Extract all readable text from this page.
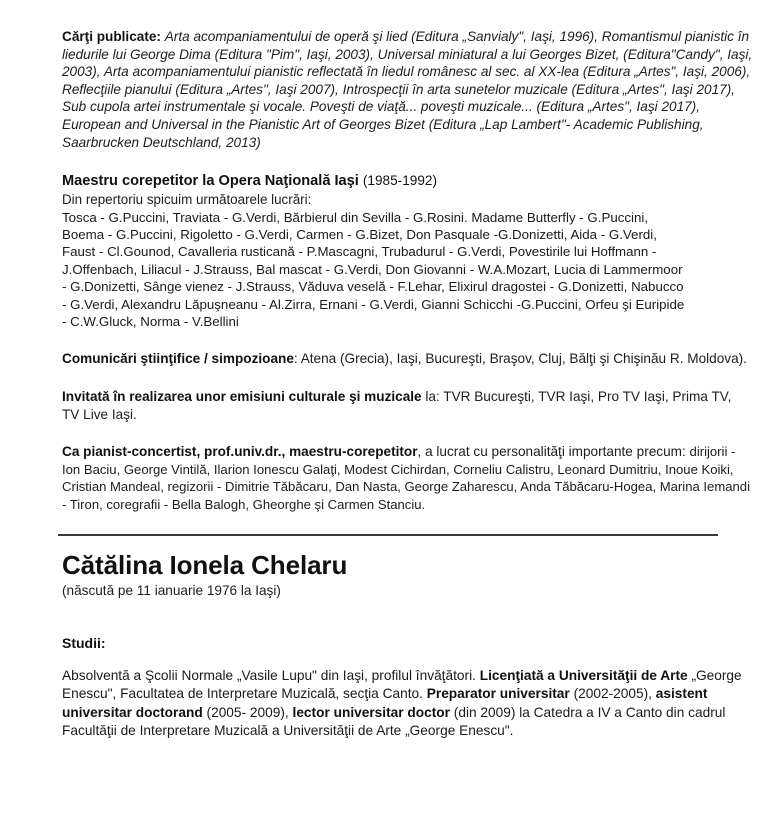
Cărţi publicate: Arta acompaniamentului de operă şi lied (Editura „Sanvialy", Iaşi, 1996), Romantismul pianistic în liedurile lui George Dima (Editura "Pim", Iaşi, 2003), Universal miniatural a lui Georges Bizet, (Editura"Candy", Iaşi, 2003), Arta acompaniamentului pianistic reflectată în liedul românesc al sec. al XX-lea (Editura „Artes", Iaşi, 2006), Reflecţiile pianului (Editura „Artes", Iaşi 2007), Introspecţii în arta sunetelor muzicale (Editura „Artes", Iaşi 2017), Sub cupola artei instrumentale şi vocale. Poveşti de viaţă... poveşti muzicale... (Editura „Artes", Iaşi 2017), European and Universal in the Pianistic Art of Georges Bizet (Editura „Lap Lambert"- Academic Publishing, Saarbrucken Deutschland, 2013)

Maestru corepetitor la Opera Naţională Iaşi (1985-1992)

Din repertoriu spicuim următoarele lucrări:

Tosca - G.Puccini, Traviata - G.Verdi, Bărbierul din Sevilla - G.Rosini. Madame Butterfly - G.Puccini,
Boema - G.Puccini, Rigoletto - G.Verdi, Carmen - G.Bizet, Don Pasquale -G.Donizetti, Aida - G.Verdi,
Faust - Cl.Gounod, Cavalleria rusticană - P.Mascagni, Trubadurul - G.Verdi, Povestirile lui Hoffmann -
J.Offenbach, Liliacul - J.Strauss, Bal mascat - G.Verdi, Don Giovanni - W.A.Mozart, Lucia di Lammermoor
- G.Donizetti, Sânge vienez - J.Strauss, Văduva veselă - F.Lehar, Elixirul dragostei - G.Donizetti, Nabucco
- G.Verdi, Alexandru Lăpuşneanu - Al.Zirra, Ernani - G.Verdi, Gianni Schicchi -G.Puccini, Orfeu şi Euripide
- C.W.Gluck, Norma - V.Bellini

Comunicări ştiinţifice / simpozioane: Atena (Grecia), Iaşi, Bucureşti, Braşov, Cluj, Bălţi şi Chişinău R. Moldova).

Invitată în realizarea unor emisiuni culturale şi muzicale la: TVR Bucureşti, TVR Iaşi, Pro TV Iaşi, Prima TV, TV Live Iaşi.

Ca pianist-concertist, prof.univ.dr., maestru-corepetitor, a lucrat cu personalităţi importante precum: dirijorii - Ion Baciu, George Vintilă, Ilarion Ionescu Galaţi, Modest Cichirdan, Corneliu Calistru, Leonard Dumitriu, Inoue Koiki, Cristian Mandeal, regizorii - Dimitrie Tăbăcaru, Dan Nasta, George Zaharescu, Anda Tăbăcaru-Hogea, Marina Iemandi - Tiron, coregrafii - Bella Balogh, Gheorghe şi Carmen Stanciu.

Cătălina Ionela Chelaru

(născută pe 11 ianuarie 1976 la Iaşi)

Studii:

Absolventă a Şcolii Normale „Vasile Lupu" din Iaşi, profilul învăţători. Licenţiată a Universităţii de Arte „George Enescu", Facultatea de Interpretare Muzicală, secţia Canto. Preparator universitar (2002-2005), asistent universitar doctorand (2005- 2009), lector universitar doctor (din 2009) la Catedra a IV a Canto din cadrul Facultăţii de Interpretare Muzicală a Universităţii de Arte „George Enescu".
